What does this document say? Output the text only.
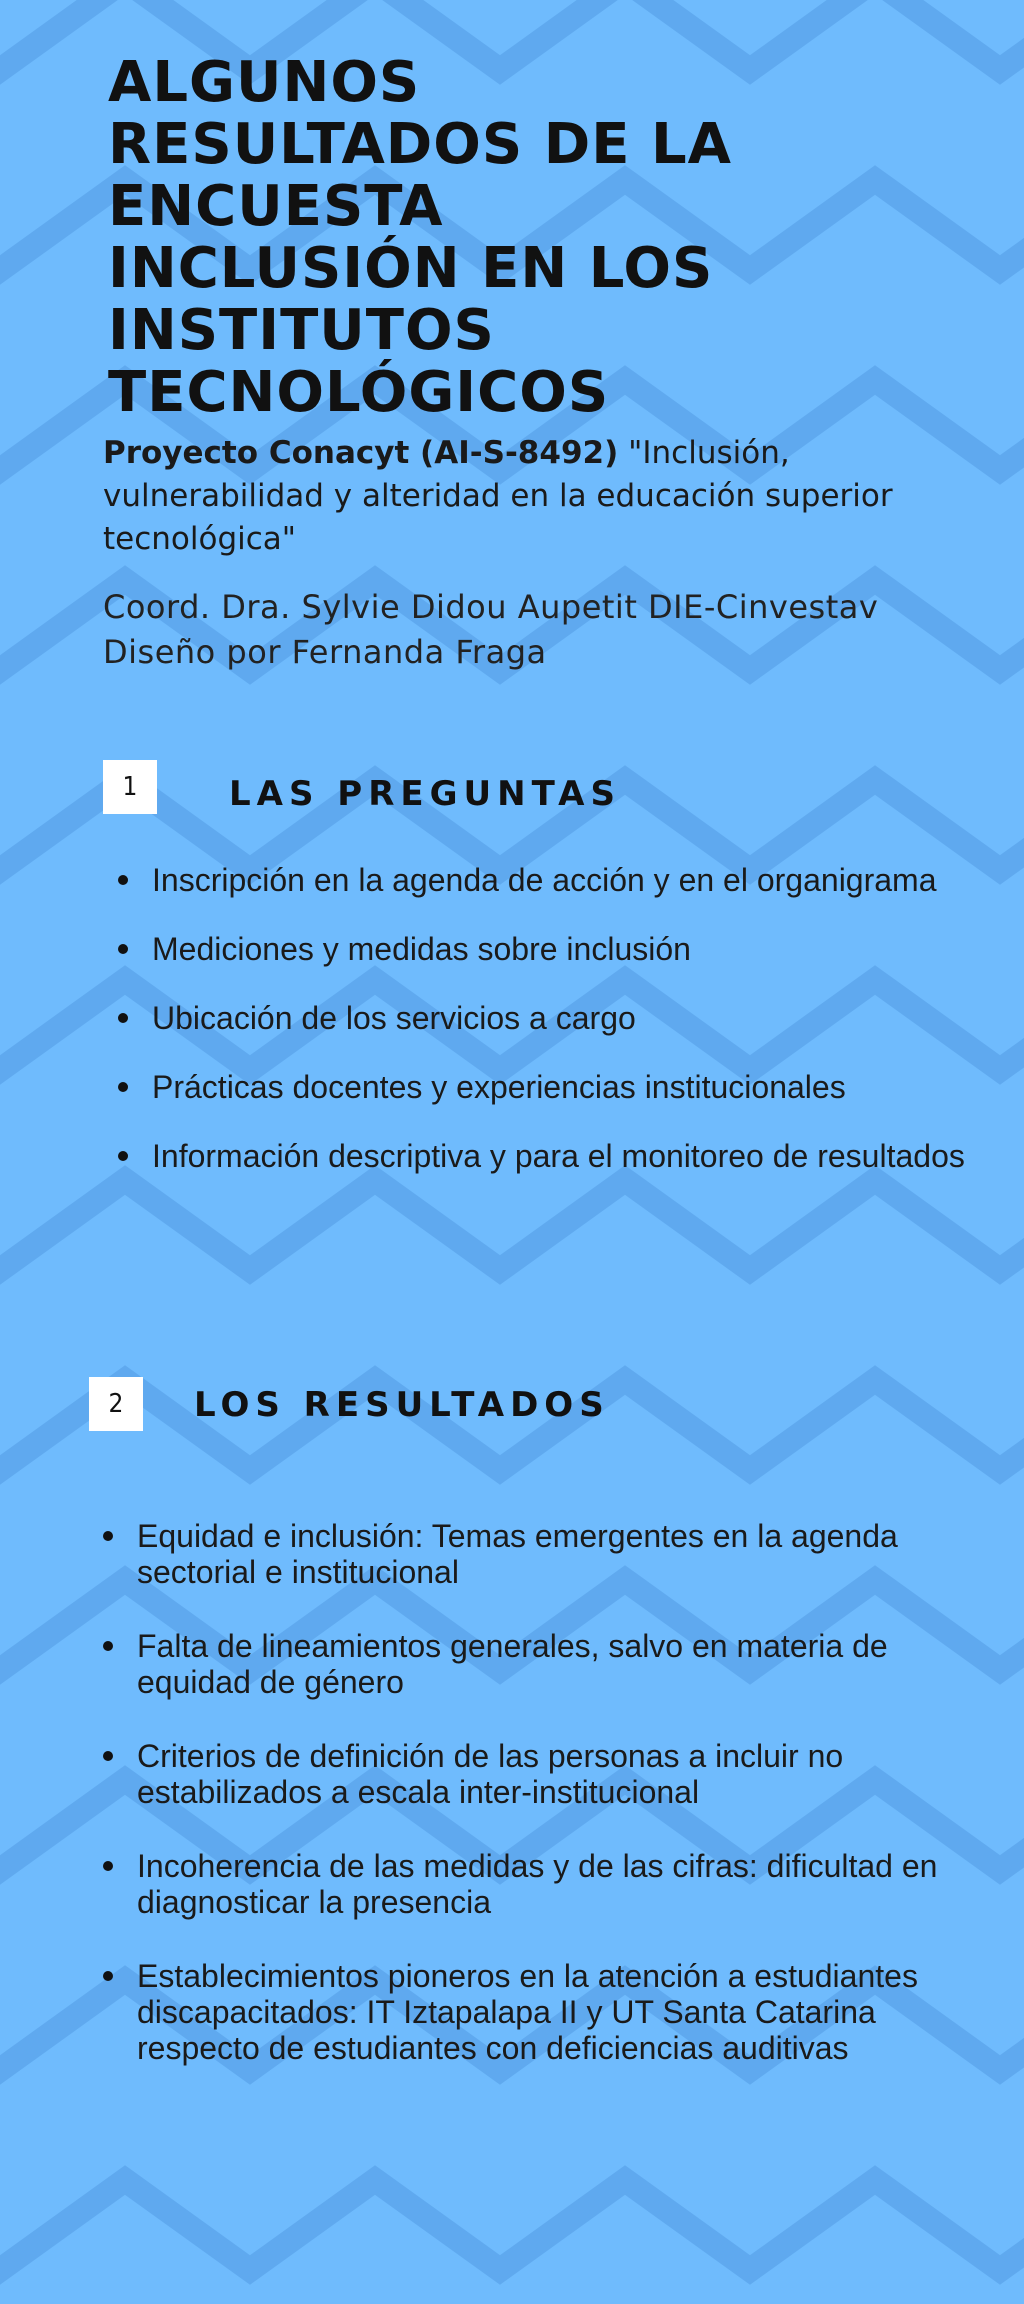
ALGUNOS
RESULTADOS DE LA
ENCUESTA
INCLUSIÓN EN LOS
INSTITUTOS
TECNOLÓGICOS
Proyecto Conacyt (AI-S-8492) "Inclusión, vulnerabilidad y alteridad en la educación superior tecnológica"
Coord. Dra. Sylvie Didou Aupetit DIE-Cinvestav
Diseño por Fernanda Fraga
1	LAS PREGUNTAS
Inscripción en la agenda de acción y en el organigrama
Mediciones y medidas sobre inclusión
Ubicación de los servicios a cargo
Prácticas docentes y experiencias institucionales
Información descriptiva y para el monitoreo de resultados
2	LOS RESULTADOS
Equidad e inclusión: Temas emergentes en la agenda sectorial e institucional
Falta de lineamientos generales, salvo en materia de equidad de género
Criterios de definición de las personas a incluir no estabilizados a escala inter-institucional
Incoherencia de las medidas y de las cifras: dificultad en diagnosticar la presencia
Establecimientos pioneros en la atención a estudiantes discapacitados: IT Iztapalapa II y UT Santa Catarina respecto de estudiantes con deficiencias auditivas
